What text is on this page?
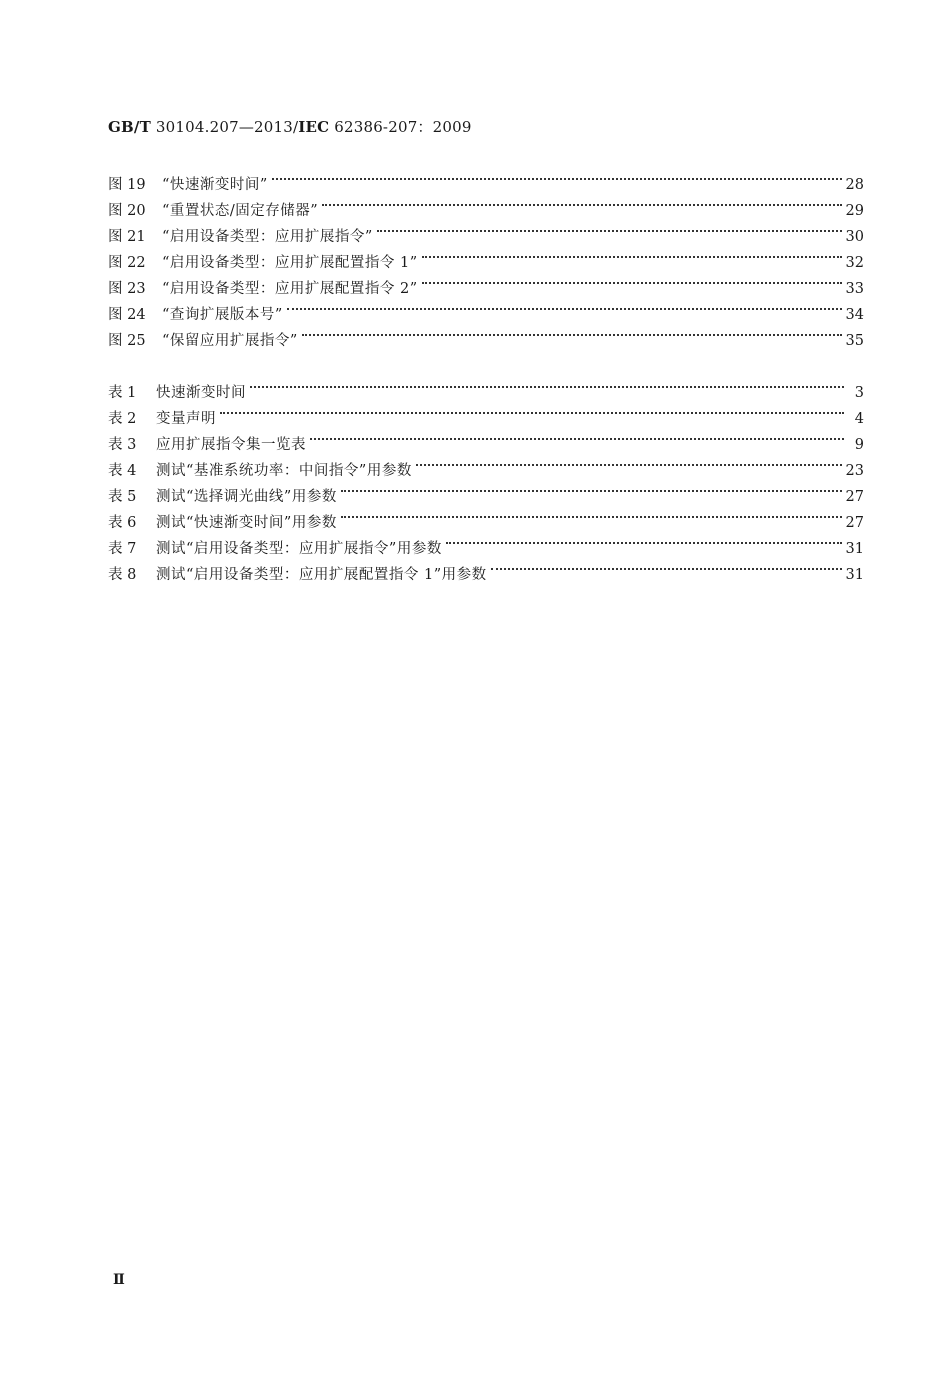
GB/T 30104.207—2013/IEC 62386-207：2009
图 19	“快速渐变时间”	28
图 20	“重置状态/固定存储器”	29
图 21	“启用设备类型：应用扩展指令”	30
图 22	“启用设备类型：应用扩展配置指令 1”	32
图 23	“启用设备类型：应用扩展配置指令 2”	33
图 24	“查询扩展版本号”	34
图 25	“保留应用扩展指令”	35
表 1	快速渐变时间	3
表 2	变量声明	4
表 3	应用扩展指令集一览表	9
表 4	测试“基准系统功率：中间指令”用参数	23
表 5	测试“选择调光曲线”用参数	27
表 6	测试“快速渐变时间”用参数	27
表 7	测试“启用设备类型：应用扩展指令”用参数	31
表 8	测试“启用设备类型：应用扩展配置指令 1”用参数	31
Ⅱ
